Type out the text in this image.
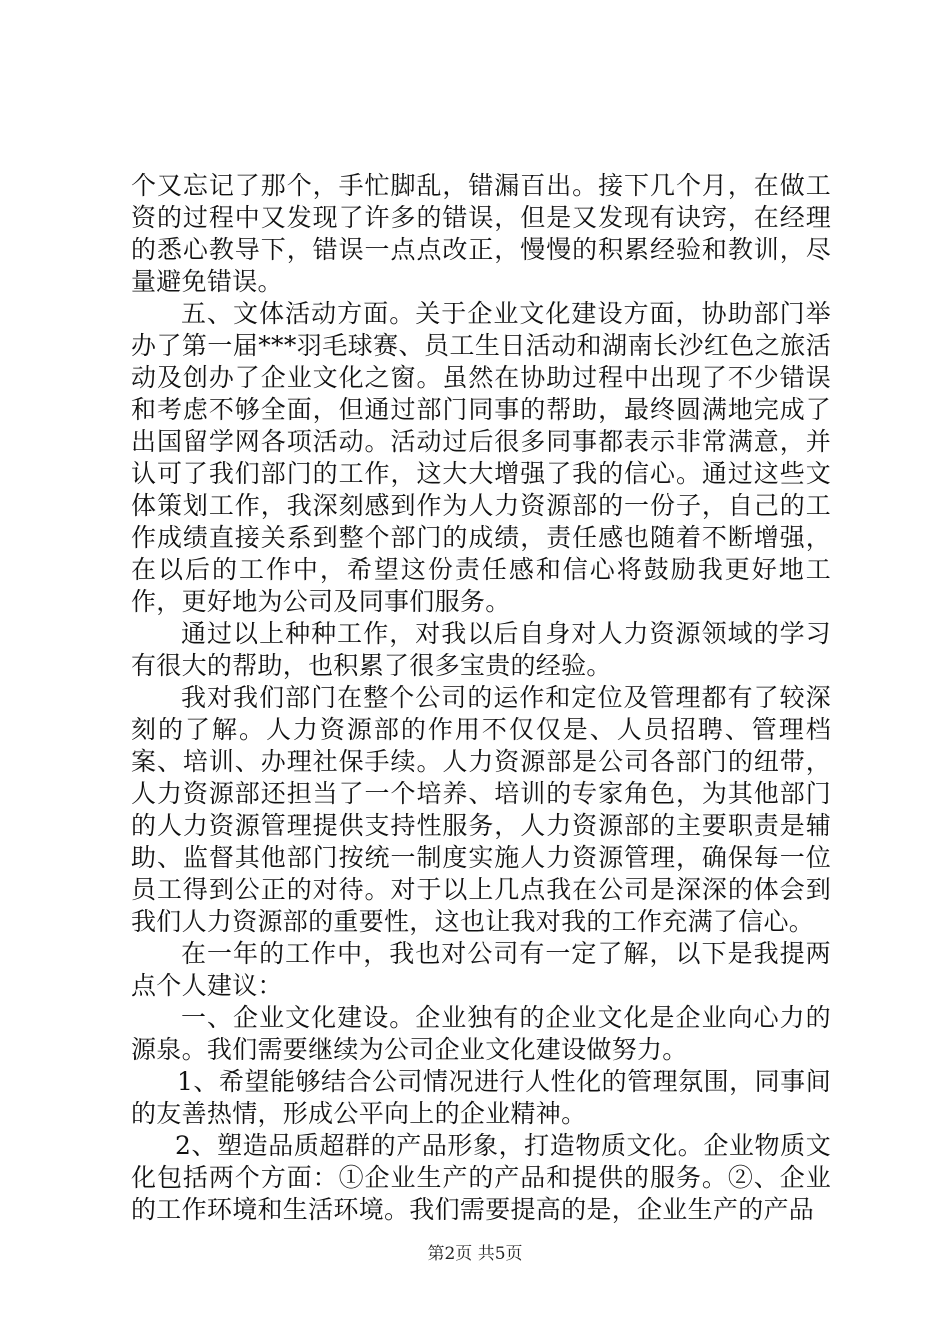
个又忘记了那个，手忙脚乱，错漏百出。接下几个月，在做工资的过程中又发现了许多的错误，但是又发现有诀窍，在经理的悉心教导下，错误一点点改正，慢慢的积累经验和教训，尽量避免错误。

五、文体活动方面。关于企业文化建设方面，协助部门举办了第一届***羽毛球赛、员工生日活动和湖南长沙红色之旅活动及创办了企业文化之窗。虽然在协助过程中出现了不少错误和考虑不够全面，但通过部门同事的帮助，最终圆满地完成了出国留学网各项活动。活动过后很多同事都表示非常满意，并认可了我们部门的工作，这大大增强了我的信心。通过这些文体策划工作，我深刻感到作为人力资源部的一份子，自己的工作成绩直接关系到整个部门的成绩，责任感也随着不断增强，在以后的工作中，希望这份责任感和信心将鼓励我更好地工作，更好地为公司及同事们服务。

通过以上种种工作，对我以后自身对人力资源领域的学习有很大的帮助，也积累了很多宝贵的经验。

我对我们部门在整个公司的运作和定位及管理都有了较深刻的了解。人力资源部的作用不仅仅是、人员招聘、管理档案、培训、办理社保手续。人力资源部是公司各部门的纽带，人力资源部还担当了一个培养、培训的专家角色，为其他部门的人力资源管理提供支持性服务，人力资源部的主要职责是辅助、监督其他部门按统一制度实施人力资源管理，确保每一位员工得到公正的对待。对于以上几点我在公司是深深的体会到我们人力资源部的重要性，这也让我对我的工作充满了信心。

在一年的工作中，我也对公司有一定了解，以下是我提两点个人建议：

一、企业文化建设。企业独有的企业文化是企业向心力的源泉。我们需要继续为公司企业文化建设做努力。

1、希望能够结合公司情况进行人性化的管理氛围，同事间的友善热情，形成公平向上的企业精神。

2、塑造品质超群的产品形象，打造物质文化。企业物质文化包括两个方面：①企业生产的产品和提供的服务。②、企业的工作环境和生活环境。我们需要提高的是，企业生产的产品

第2页 共5页
